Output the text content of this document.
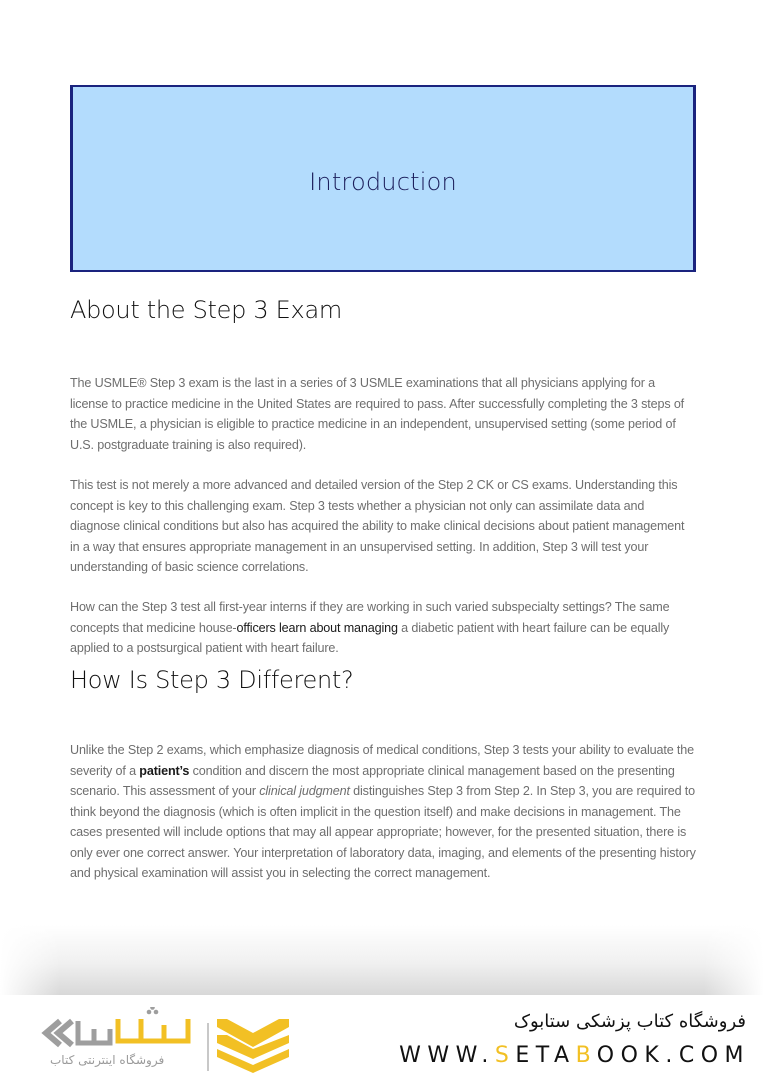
Introduction
About the Step 3 Exam

The USMLE® Step 3 exam is the last in a series of 3 USMLE examinations that all physicians applying for a license to practice medicine in the United States are required to pass. After successfully completing the 3 steps of the USMLE, a physician is eligible to practice medicine in an independent, unsupervised setting (some period of U.S. postgraduate training is also required).

This test is not merely a more advanced and detailed version of the Step 2 CK or CS exams. Understanding this concept is key to this challenging exam. Step 3 tests whether a physician not only can assimilate data and diagnose clinical conditions but also has acquired the ability to make clinical decisions about patient management in a way that ensures appropriate management in an unsupervised setting. In addition, Step 3 will test your understanding of basic science correlations.

How can the Step 3 test all first-year interns if they are working in such varied subspecialty settings? The same concepts that medicine house-officers learn about managing a diabetic patient with heart failure can be equally applied to a postsurgical patient with heart failure.

How Is Step 3 Different?

Unlike the Step 2 exams, which emphasize diagnosis of medical conditions, Step 3 tests your ability to evaluate the severity of a patient’s condition and discern the most appropriate clinical management based on the presenting scenario. This assessment of your clinical judgment distinguishes Step 3 from Step 2. In Step 3, you are required to think beyond the diagnosis (which is often implicit in the question itself) and make decisions in management. The cases presented will include options that may all appear appropriate; however, for the presented situation, there is only ever one correct answer. Your interpretation of laboratory data, imaging, and elements of the presenting history and physical examination will assist you in selecting the correct management.

فروشگاه اینترنتی کتاب
فروشگاه کتاب پزشکی ستابوک
WWW.SETABOOK.COM
